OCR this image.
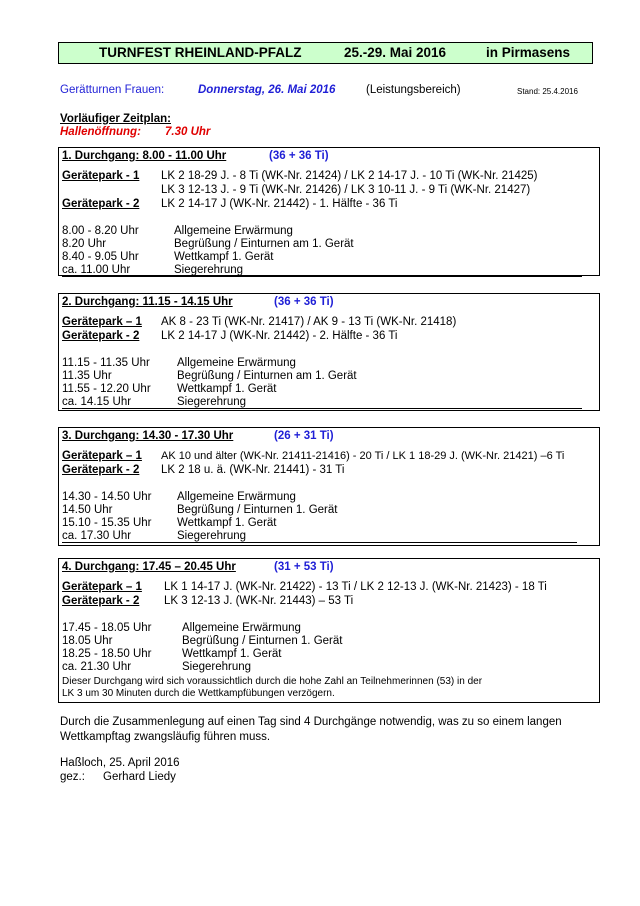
TURNFEST RHEINLAND-PFALZ	25.-29. Mai 2016	in Pirmasens
Gerätturnen Frauen:	Donnerstag, 26. Mai 2016	(Leistungsbereich)	Stand: 25.4.2016
Vorläufiger Zeitplan:
Hallenöffnung: 7.30 Uhr
1. Durchgang: 8.00 - 11.00 Uhr	(36 + 36 Ti)
Gerätepark - 1 LK 2 18-29 J. - 8 Ti (WK-Nr. 21424) / LK 2 14-17 J. - 10 Ti (WK-Nr. 21425)
LK 3 12-13 J. - 9 Ti (WK-Nr. 21426) / LK 3 10-11 J. - 9 Ti (WK-Nr. 21427)
Gerätepark - 2 LK 2 14-17 J (WK-Nr. 21442) - 1. Hälfte - 36 Ti
8.00 - 8.20 Uhr	Allgemeine Erwärmung
8.20 Uhr	Begrüßung / Einturnen am 1. Gerät
8.40 - 9.05 Uhr	Wettkampf 1. Gerät
ca. 11.00 Uhr	Siegerehrung
2. Durchgang: 11.15 - 14.15 Uhr	(36 + 36 Ti)
Gerätepark – 1 AK 8 - 23 Ti (WK-Nr. 21417) / AK 9 - 13 Ti (WK-Nr. 21418)
Gerätepark - 2 LK 2 14-17 J (WK-Nr. 21442) - 2. Hälfte - 36 Ti
11.15 - 11.35 Uhr Allgemeine Erwärmung
11.35 Uhr	Begrüßung / Einturnen am 1. Gerät
11.55 - 12.20 Uhr Wettkampf 1. Gerät
ca. 14.15 Uhr	Siegerehrung
3. Durchgang: 14.30 - 17.30 Uhr	(26 + 31 Ti)
Gerätepark – 1 AK 10 und älter (WK-Nr. 21411-21416) - 20 Ti / LK 1 18-29 J. (WK-Nr. 21421) –6 Ti
Gerätepark - 2 LK 2 18 u. ä. (WK-Nr. 21441) - 31 Ti
14.30 - 14.50 Uhr Allgemeine Erwärmung
14.50 Uhr	Begrüßung / Einturnen 1. Gerät
15.10 - 15.35 Uhr Wettkampf 1. Gerät
ca. 17.30 Uhr	Siegerehrung
4. Durchgang: 17.45 – 20.45 Uhr	(31 + 53 Ti)
Gerätepark – 1 LK 1 14-17 J. (WK-Nr. 21422) - 13 Ti / LK 2 12-13 J. (WK-Nr. 21423) - 18 Ti
Gerätepark - 2 LK 3 12-13 J. (WK-Nr. 21443) – 53 Ti
17.45 - 18.05 Uhr	Allgemeine Erwärmung
18.05 Uhr	Begrüßung / Einturnen 1. Gerät
18.25 - 18.50 Uhr	Wettkampf 1. Gerät
ca. 21.30 Uhr	Siegerehrung
Dieser Durchgang wird sich voraussichtlich durch die hohe Zahl an Teilnehmerinnen (53) in der
LK 3 um 30 Minuten durch die Wettkampfübungen verzögern.
Durch die Zusammenlegung auf einen Tag sind 4 Durchgänge notwendig, was zu so einem langen
Wettkampftag zwangsläufig führen muss.
Haßloch, 25. April 2016
gez.: Gerhard Liedy
